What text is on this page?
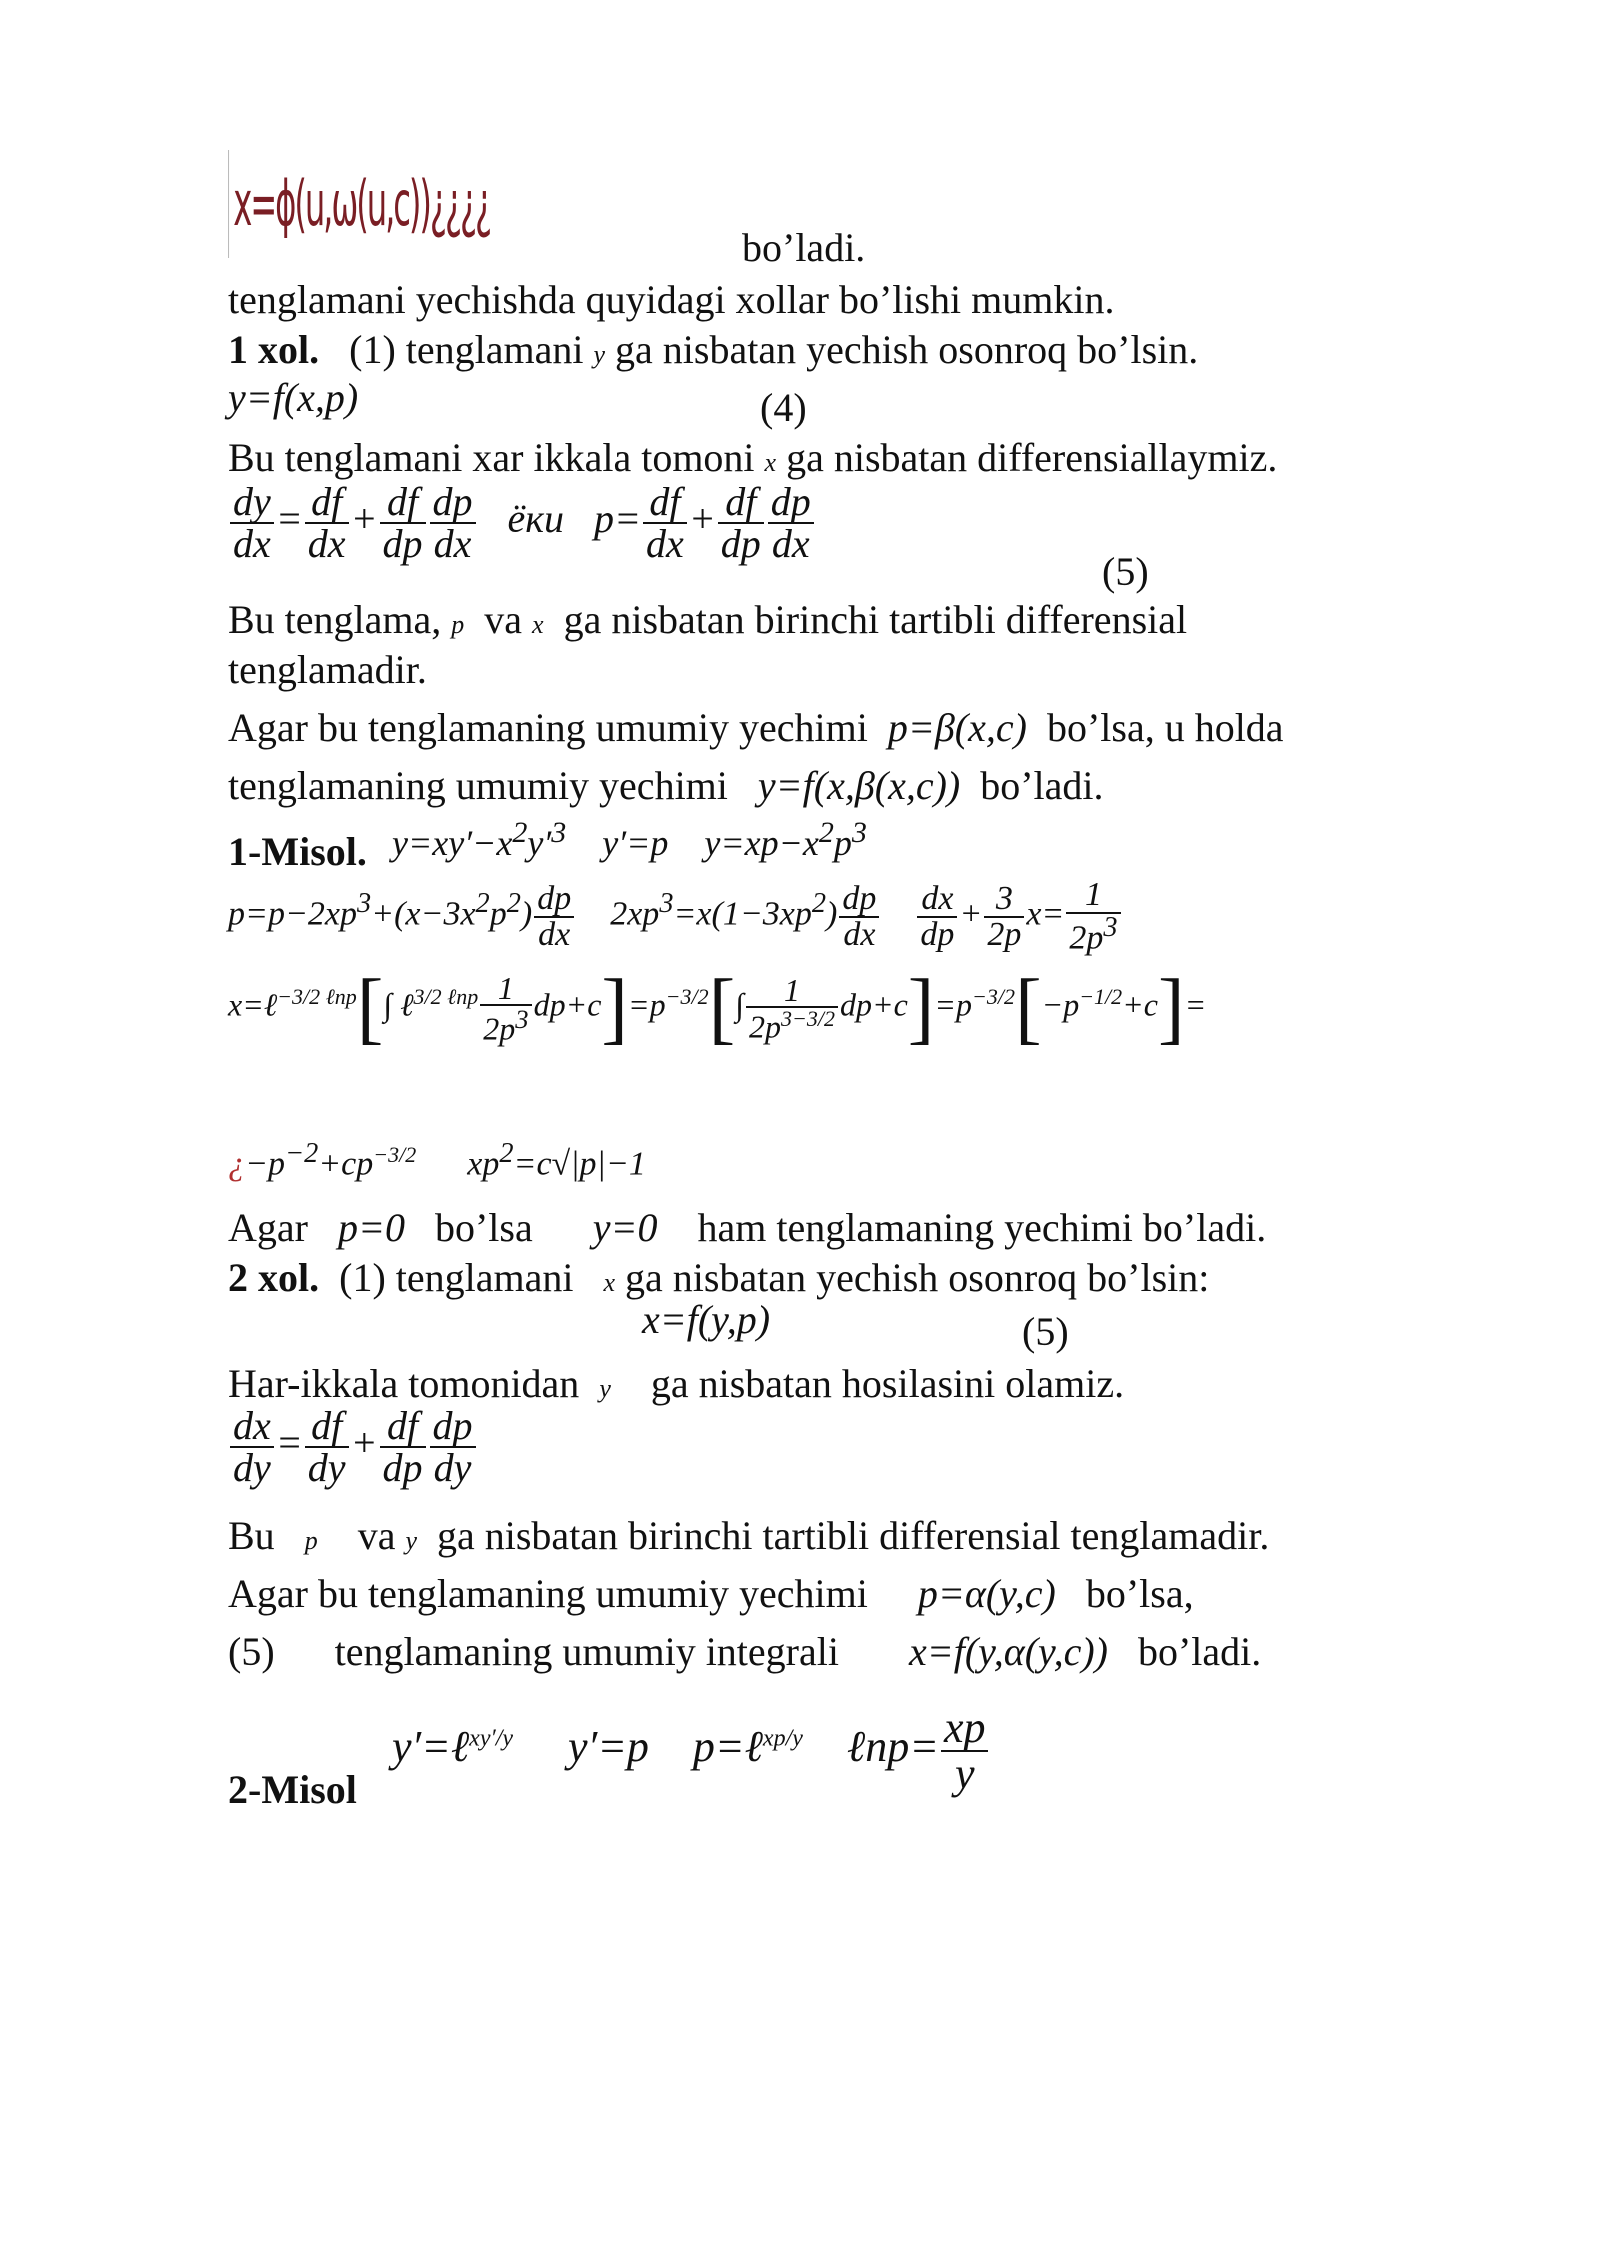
x=ϕ(u,ω(u,c))¿¿¿¿
bo’ladi.
tenglamani yechishda quyidagi xollar bo’lishi mumkin.
1 xol. (1) tenglamani y ga nisbatan yechish osonroq bo’lsin.
y=f(x,p)	(4)
Bu tenglamani xar ikkala tomoni x ga nisbatan differensiallaymiz.
$\frac{dy}{dx} = \frac{df}{dx} + \frac{df}{dp} \frac{dp}{dx}$ ёки   $p= \frac{df}{dx} + \frac{df}{dp} \frac{dp}{dx}$
(5)
Bu tenglama, p va x ga nisbatan birinchi tartibli differensial
tenglamadir.
Agar bu tenglamaning umumiy yechimi p=β(x,c) bo’lsa, u holda
tenglamaning umumiy yechimi y=f(x,β(x,c)) bo’ladi.
1-Misol. $y=xy'-x^2y'^3$    y′=p    $y=xp-x^2p^3$
$p=p-2xp^3+(x-3x^2p^2) \frac{dp}{dx} 2xp^3=x(1-3xp^2) \frac{dp}{dx}$
$\frac{dx}{dp} + \frac{3}{2p} x= \frac{1}{2p^3}$
x=ℓ$^{-3/2 \ell np}$[∫ ℓ$^{3/2 \ell np}$ $\frac{1}{2p^3} dp+c]=p^{-3/2}[\int \frac{1}{2p^{3-3/2}} dp+c]=p^{-3/2}[-p^{-1/2}+c]=$
¿$-p^{-2}+cp^{-3/2}$      $xp^2=c√|p|-1$
Agar p=0 bo’lsa y=0 ham tenglamaning yechimi bo’ladi.
2 xol. (1) tenglamani x ga nisbatan yechish osonroq bo’lsin:
x=f(y,p)	(5)
Har-ikkala tomonidan y ga nisbatan hosilasini olamiz.
$\frac{dx}{dy} = \frac{df}{dy} + \frac{df}{dp} \frac{dp}{dy}$
Bu p va y ga nisbatan birinchi tartibli differensial tenglamadir.
Agar bu tenglamaning umumiy yechimi p=α(y,c) bo’lsa,
(5) tenglamaning umumiy integrali x=f(y,α(y,c)) bo’ladi.
y′=ℓ$^{xy'/y}$     y′=p    p=ℓ$^{xp/y}$    ℓnp= $\frac{xp}{y}$
2-Misol
